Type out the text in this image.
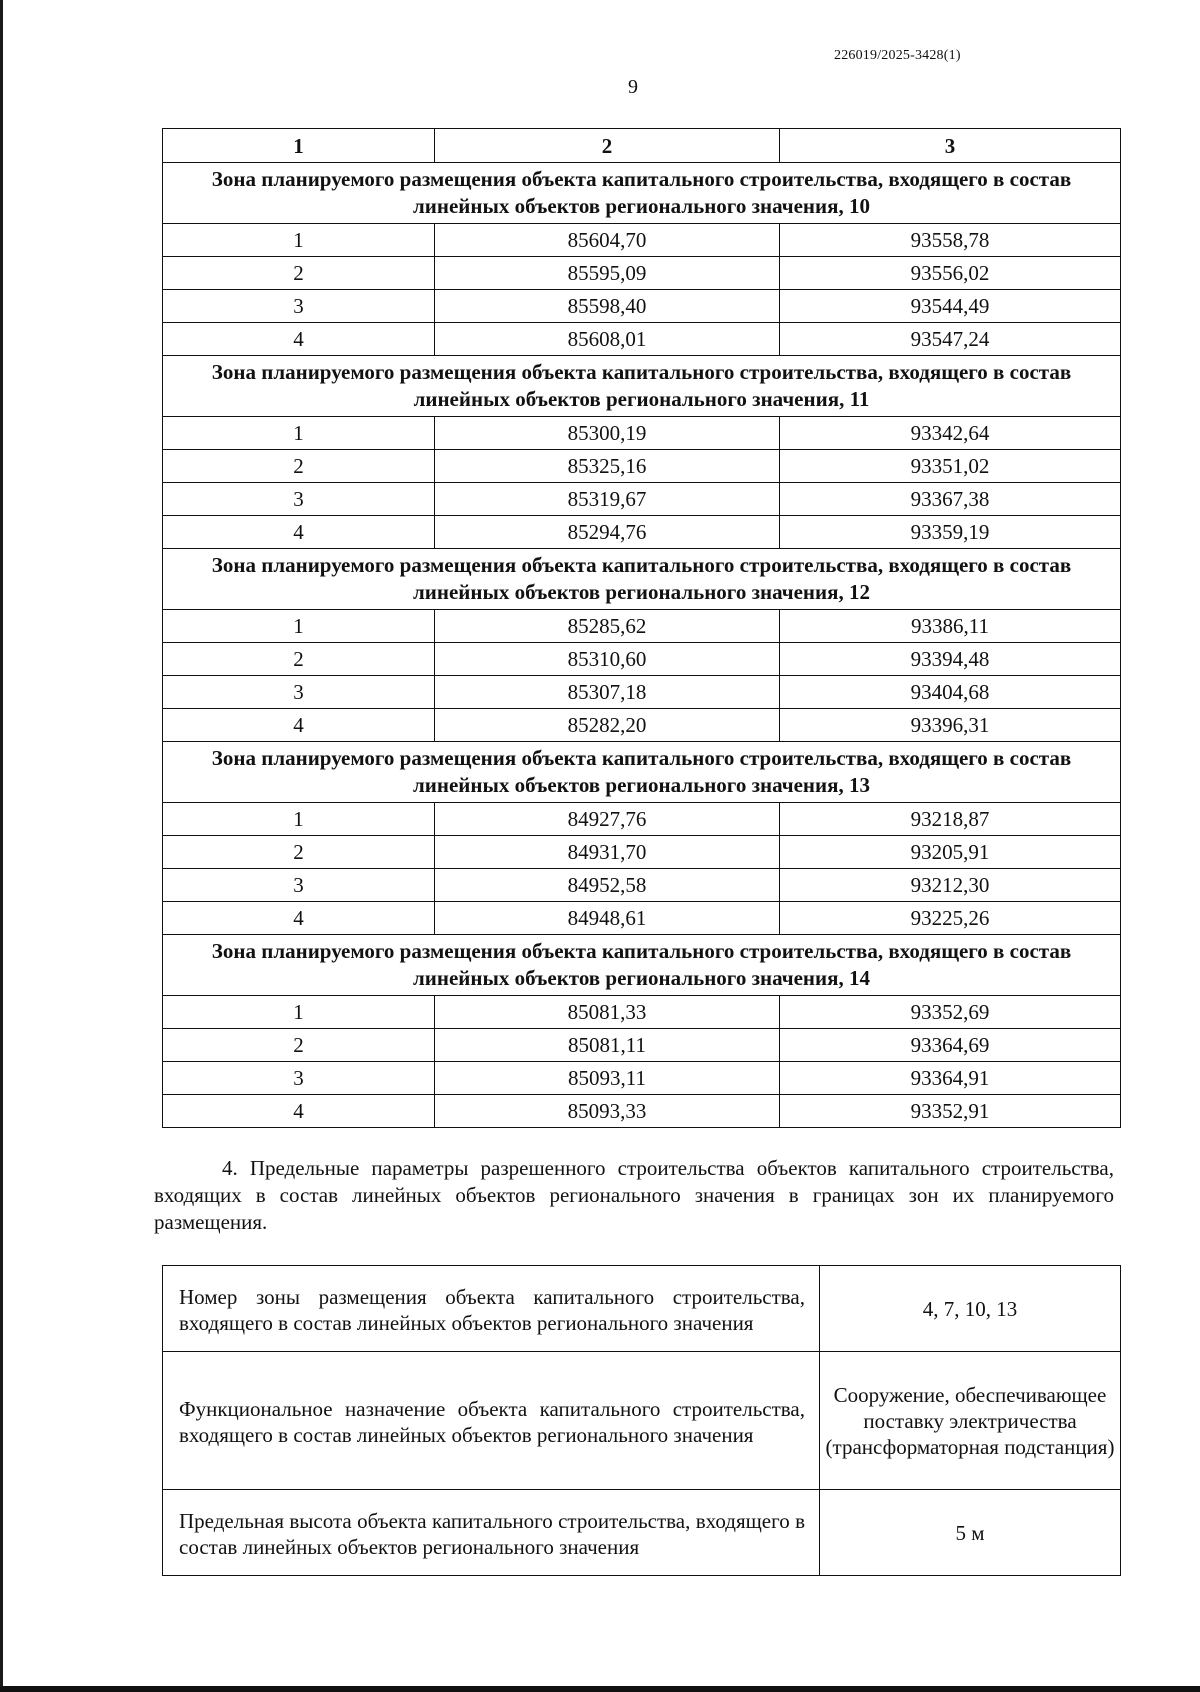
226019/2025-3428(1)
9
1	2	3
Зона планируемого размещения объекта капитального строительства, входящего в состав линейных объектов регионального значения, 10		
1	85604,70	93558,78
2	85595,09	93556,02
3	85598,40	93544,49
4	85608,01	93547,24
Зона планируемого размещения объекта капитального строительства, входящего в состав линейных объектов регионального значения, 11		
1	85300,19	93342,64
2	85325,16	93351,02
3	85319,67	93367,38
4	85294,76	93359,19
Зона планируемого размещения объекта капитального строительства, входящего в состав линейных объектов регионального значения, 12		
1	85285,62	93386,11
2	85310,60	93394,48
3	85307,18	93404,68
4	85282,20	93396,31
Зона планируемого размещения объекта капитального строительства, входящего в состав линейных объектов регионального значения, 13		
1	84927,76	93218,87
2	84931,70	93205,91
3	84952,58	93212,30
4	84948,61	93225,26
Зона планируемого размещения объекта капитального строительства, входящего в состав линейных объектов регионального значения, 14		
1	85081,33	93352,69
2	85081,11	93364,69
3	85093,11	93364,91
4	85093,33	93352,91
4. Предельные параметры разрешенного строительства объектов капитального строительства, входящих в состав линейных объектов регионального значения в границах зон их планируемого размещения.
Номер зоны размещения объекта капитального строительства, входящего в состав линейных объектов регионального значения	4, 7, 10, 13
Функциональное назначение объекта капитального строительства, входящего в состав линейных объектов регионального значения	Сооружение, обеспечивающее поставку электричества (трансформаторная подстанция)
Предельная высота объекта капитального строительства, входящего в состав линейных объектов регионального значения	5 м
